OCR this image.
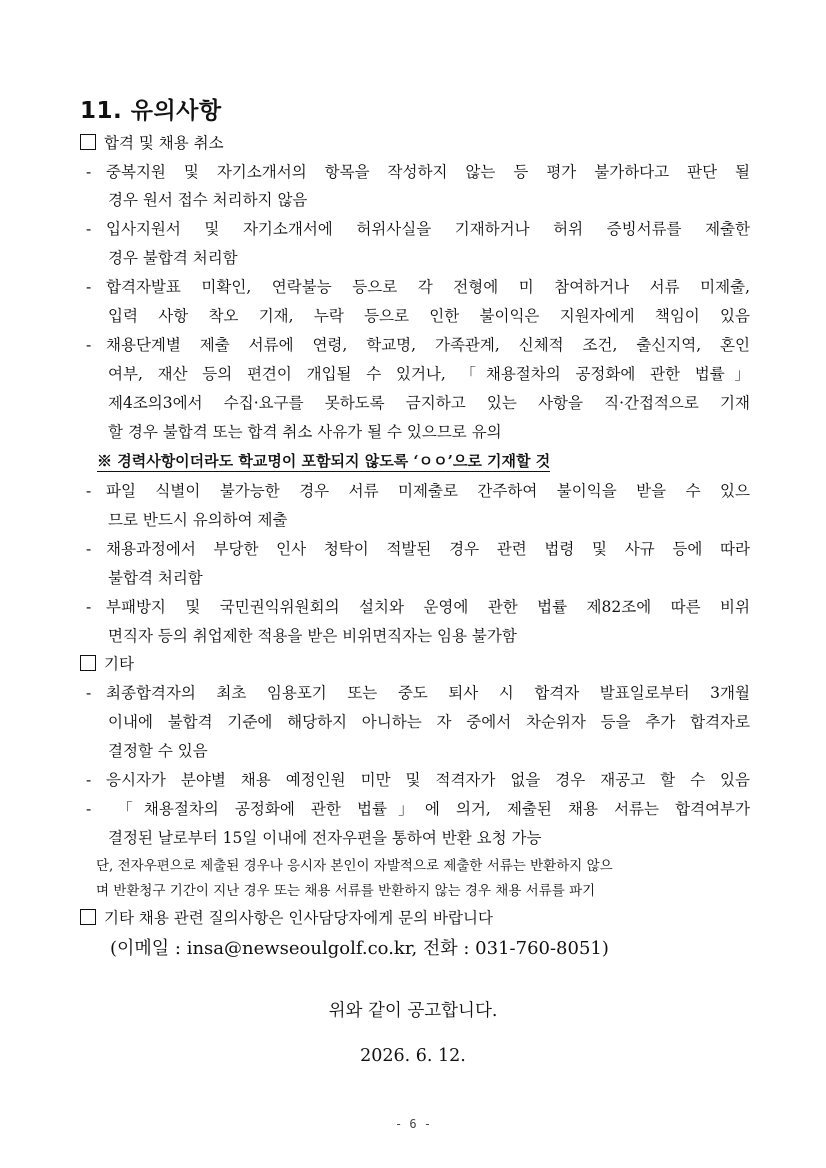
11. 유의사항
합격 및 채용 취소
- 중복지원 및 자기소개서의 항목을 작성하지 않는 등 평가 불가하다고 판단 될
경우 원서 접수 처리하지 않음
- 입사지원서 및 자기소개서에 허위사실을 기재하거나 허위 증빙서류를 제출한
경우 불합격 처리함
- 합격자발표 미확인, 연락불능 등으로 각 전형에 미 참여하거나 서류 미제출,
입력 사항 착오 기재, 누락 등으로 인한 불이익은 지원자에게 책임이 있음
- 채용단계별 제출 서류에 연령, 학교명, 가족관계, 신체적 조건, 출신지역, 혼인
여부, 재산 등의 편견이 개입될 수 있거나, 「채용절차의 공정화에 관한 법률」
제4조의3에서 수집·요구를 못하도록 금지하고 있는 사항을 직·간접적으로 기재
할 경우 불합격 또는 합격 취소 사유가 될 수 있으므로 유의
※ 경력사항이더라도 학교명이 포함되지 않도록 ‘ㅇㅇ’으로 기재할 것
- 파일 식별이 불가능한 경우 서류 미제출로 간주하여 불이익을 받을 수 있으
므로 반드시 유의하여 제출
- 채용과정에서 부당한 인사 청탁이 적발된 경우 관련 법령 및 사규 등에 따라
불합격 처리함
- 부패방지 및 국민권익위원회의 설치와 운영에 관한 법률 제82조에 따른 비위
면직자 등의 취업제한 적용을 받은 비위면직자는 임용 불가함
기타
- 최종합격자의 최초 임용포기 또는 중도 퇴사 시 합격자 발표일로부터 3개월
이내에 불합격 기준에 해당하지 아니하는 자 중에서 차순위자 등을 추가 합격자로
결정할 수 있음
- 응시자가 분야별 채용 예정인원 미만 및 적격자가 없을 경우 재공고 할 수 있음
- 「채용절차의 공정화에 관한 법률」에 의거, 제출된 채용 서류는 합격여부가
결정된 날로부터 15일 이내에 전자우편을 통하여 반환 요청 가능
단, 전자우편으로 제출된 경우나 응시자 본인이 자발적으로 제출한 서류는 반환하지 않으
며 반환청구 기간이 지난 경우 또는 채용 서류를 반환하지 않는 경우 채용 서류를 파기
기타 채용 관련 질의사항은 인사담당자에게 문의 바랍니다
(이메일 : insa@newseoulgolf.co.kr, 전화 : 031-760-8051)
위와 같이 공고합니다.
2026. 6. 12.
- 6 -
